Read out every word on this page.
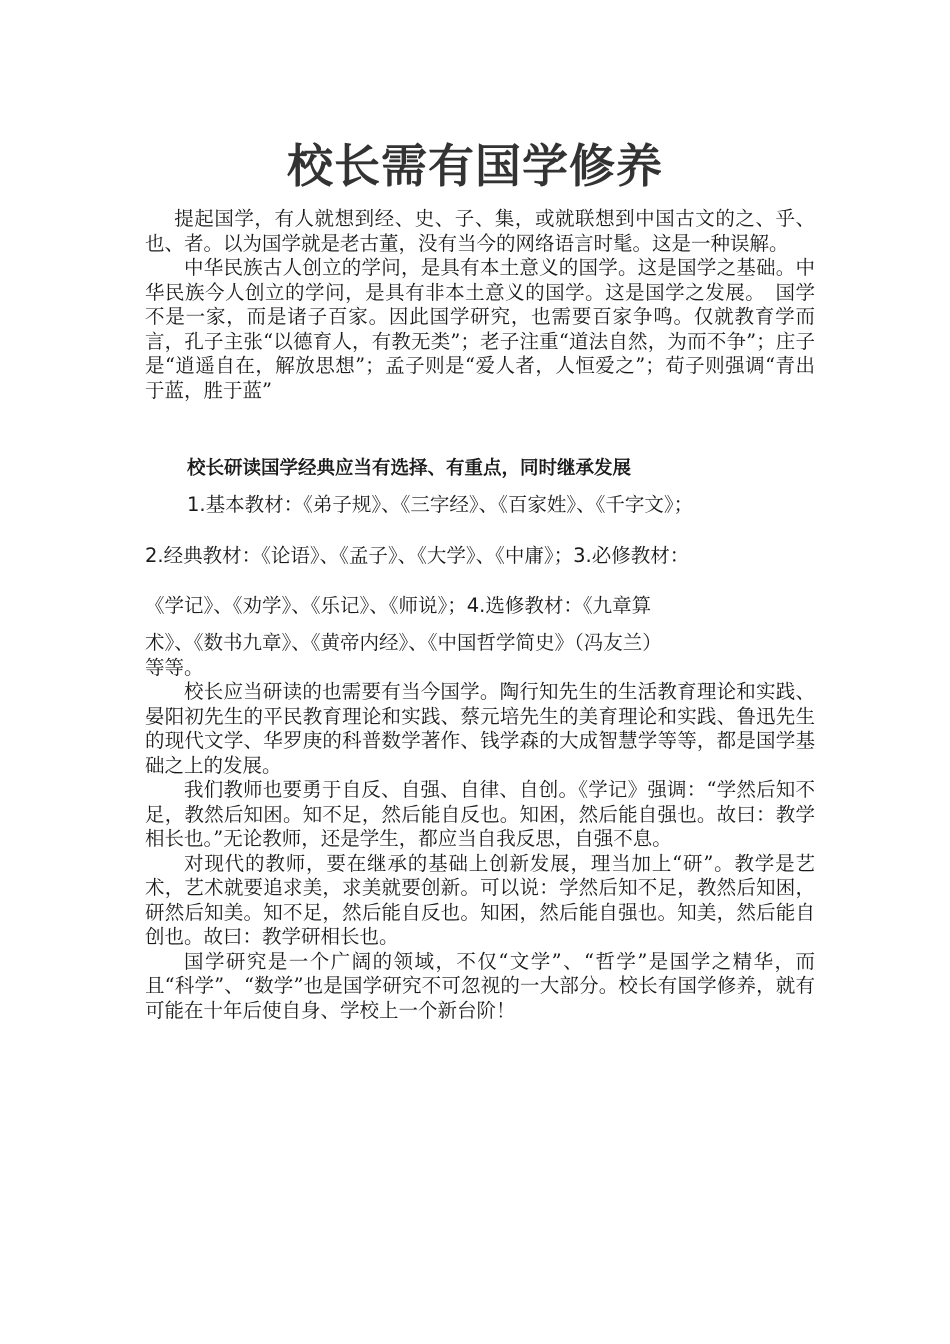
校长需有国学修养

提起国学，有人就想到经、史、子、集，或就联想到中国古文的之、乎、也、者。以为国学就是老古董，没有当今的网络语言时髦。这是一种误解。

中华民族古人创立的学问，是具有本土意义的国学。这是国学之基础。中华民族今人创立的学问，是具有非本土意义的国学。这是国学之发展。　国学不是一家，而是诸子百家。因此国学研究，也需要百家争鸣。仅就教育学而言，孔子主张“以德育人，有教无类”；老子注重“道法自然，为而不争”；庄子是“逍遥自在，解放思想”；孟子则是“爱人者，人恒爱之”；荀子则强调“青出于蓝，胜于蓝”

校长研读国学经典应当有选择、有重点，同时继承发展

1.基本教材：《弟子规》、《三字经》、《百家姓》、《千字文》；

2.经典教材：《论语》、《孟子》、《大学》、《中庸》；3.必修教材：

《学记》、《劝学》、《乐记》、《师说》；4.选修教材：《九章算

术》、《数书九章》、《黄帝内经》、《中国哲学简史》（冯友兰）

等等。

校长应当研读的也需要有当今国学。陶行知先生的生活教育理论和实践、晏阳初先生的平民教育理论和实践、蔡元培先生的美育理论和实践、鲁迅先生的现代文学、华罗庚的科普数学著作、钱学森的大成智慧学等等，都是国学基础之上的发展。

我们教师也要勇于自反、自强、自律、自创。《学记》强调：“学然后知不足，教然后知困。知不足，然后能自反也。知困，然后能自强也。故曰：教学相长也。”无论教师，还是学生，都应当自我反思，自强不息。

对现代的教师，要在继承的基础上创新发展，理当加上“研”。教学是艺术，艺术就要追求美，求美就要创新。可以说：学然后知不足，教然后知困，研然后知美。知不足，然后能自反也。知困，然后能自强也。知美，然后能自创也。故曰：教学研相长也。

国学研究是一个广阔的领域，不仅“文学”、“哲学”是国学之精华，而且“科学”、“数学”也是国学研究不可忽视的一大部分。校长有国学修养，就有可能在十年后使自身、学校上一个新台阶！
